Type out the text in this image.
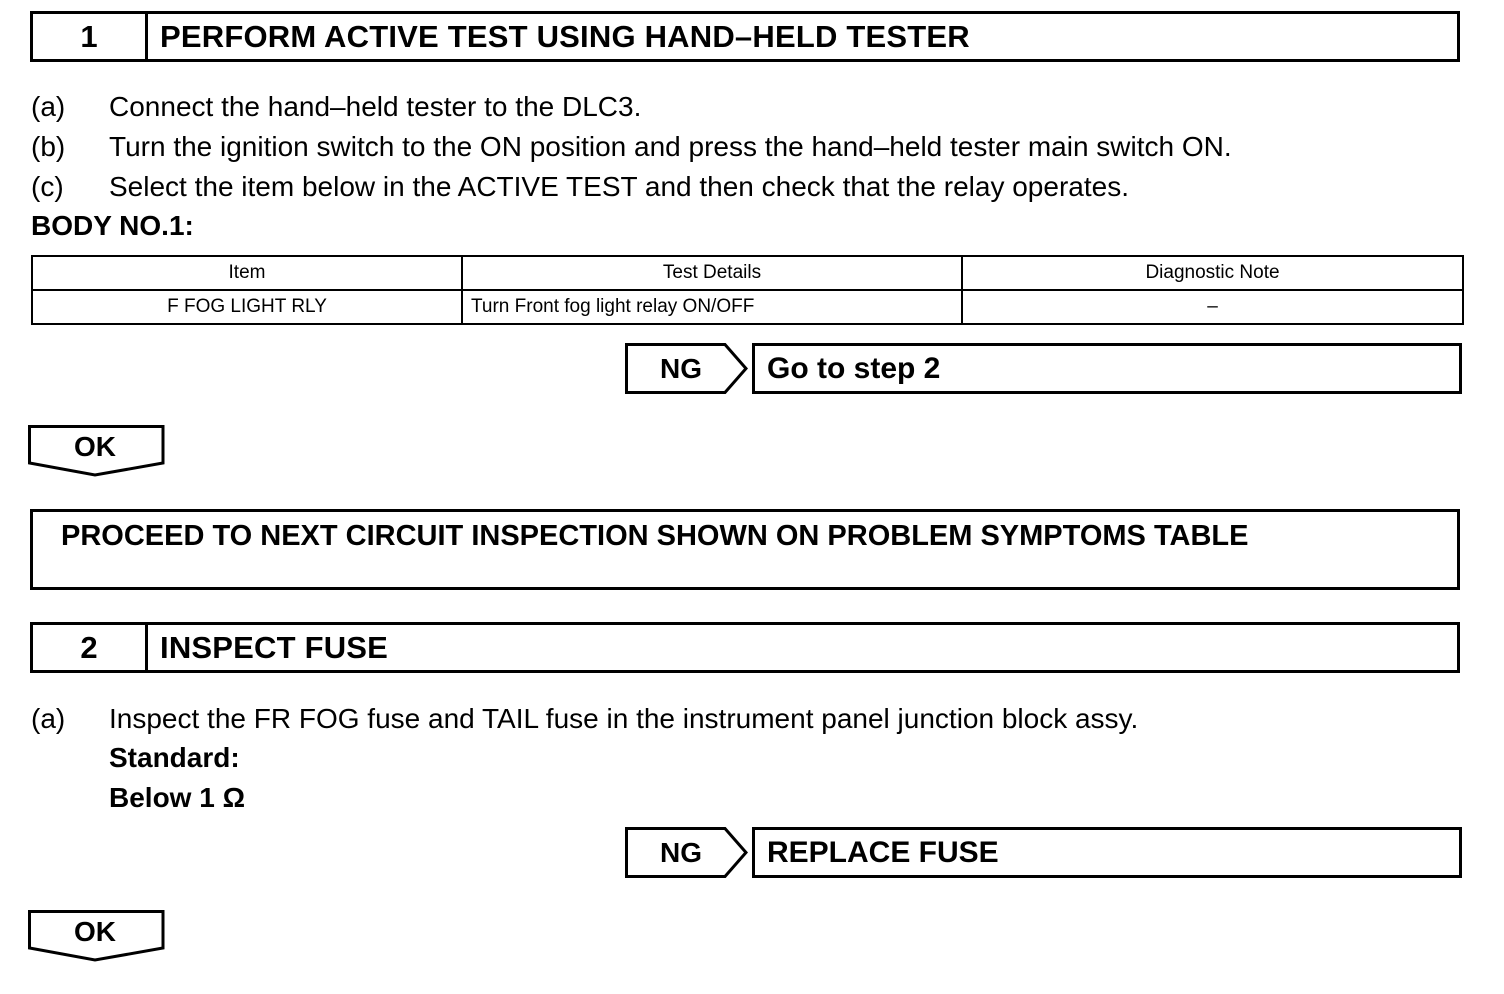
1	PERFORM ACTIVE TEST USING HAND–HELD TESTER
(a) Connect the hand–held tester to the DLC3.
(b) Turn the ignition switch to the ON position and press the hand–held tester main switch ON.
(c) Select the item below in the ACTIVE TEST and then check that the relay operates.
BODY NO.1:
Item	Test Details	Diagnostic Note
F FOG LIGHT RLY	Turn Front fog light relay ON/OFF	–
NG	Go to step 2
OK
PROCEED TO NEXT CIRCUIT INSPECTION SHOWN ON PROBLEM SYMPTOMS TABLE
2	INSPECT FUSE
(a) Inspect the FR FOG fuse and TAIL fuse in the instrument panel junction block assy.
Standard:
Below 1 Ω
NG	REPLACE FUSE
OK
